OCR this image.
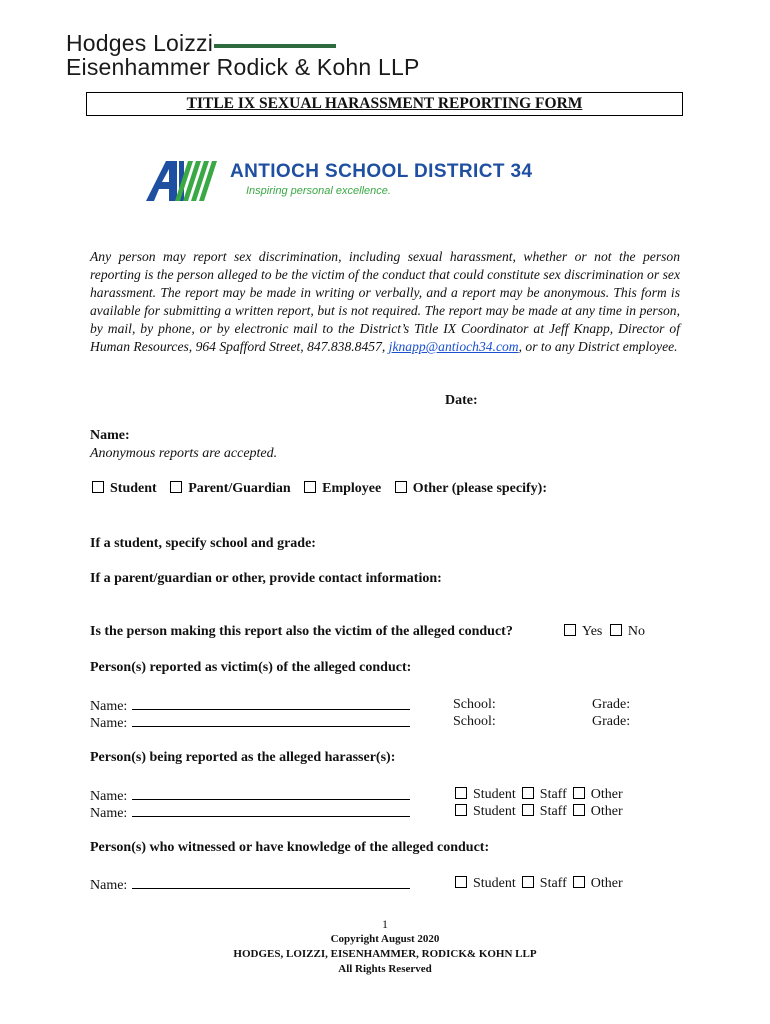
Hodges Loizzi
Eisenhammer Rodick & Kohn LLP
TITLE IX SEXUAL HARASSMENT REPORTING FORM
ANTIOCH SCHOOL DISTRICT 34
Inspiring personal excellence.
Any person may report sex discrimination, including sexual harassment, whether or not the person reporting is the person alleged to be the victim of the conduct that could constitute sex discrimination or sex harassment. The report may be made in writing or verbally, and a report may be anonymous. This form is available for submitting a written report, but is not required. The report may be made at any time in person, by mail, by phone, or by electronic mail to the District’s Title IX Coordinator at Jeff Knapp, Director of Human Resources, 964 Spafford Street, 847.838.8457, jknapp@antioch34.com, or to any District employee.
Date:
Name:
Anonymous reports are accepted.
Student Parent/Guardian Employee Other (please specify):
If a student, specify school and grade:
If a parent/guardian or other, provide contact information:
Is the person making this report also the victim of the alleged conduct?	Yes No
Person(s) reported as victim(s) of the alleged conduct:
Name:	School:	Grade:
Name:	School:	Grade:
Person(s) being reported as the alleged harasser(s):
Name:	Student Staff Other
Name:	Student Staff Other
Person(s) who witnessed or have knowledge of the alleged conduct:
Name:	Student Staff Other
1
Copyright August 2020
HODGES, LOIZZI, EISENHAMMER, RODICK& KOHN LLP
All Rights Reserved
